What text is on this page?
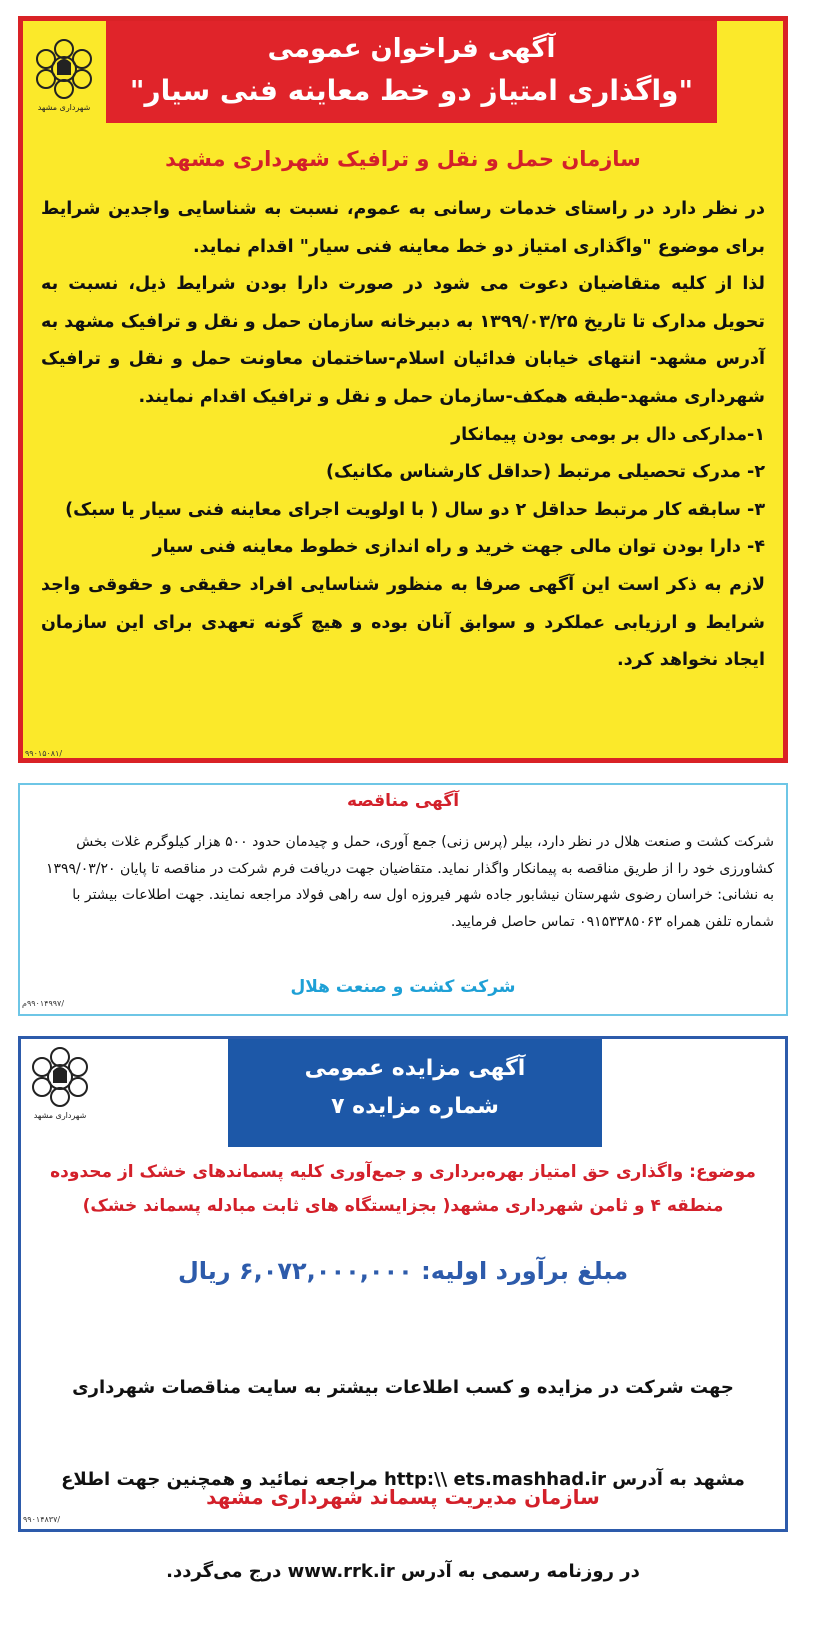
آگهی فراخوان عمومی
"واگذاری امتیاز دو خط معاینه فنی سیار"
شهرداری مشهد
سازمان حمل و نقل و ترافیک شهرداری مشهد
در نظر دارد در راستای خدمات رسانی به عموم، نسبت به شناسایی واجدین شرایط برای موضوع "واگذاری امتیاز دو خط معاینه فنی سیار" اقدام نماید.
لذا از کلیه متقاضیان دعوت می شود در صورت دارا بودن شرایط ذیل، نسبت به تحویل مدارک تا تاریخ ۱۳۹۹/۰۳/۲۵ به دبیرخانه سازمان حمل و نقل و ترافیک مشهد به آدرس مشهد- انتهای خیابان فدائیان اسلام-ساختمان معاونت حمل و نقل و ترافیک شهرداری مشهد-طبقه همکف-سازمان حمل و نقل و ترافیک اقدام نمایند.
۱-مدارکی دال بر بومی بودن پیمانکار
۲- مدرک تحصیلی مرتبط (حداقل کارشناس مکانیک)
۳- سابقه کار مرتبط حداقل ۲ دو سال ( با اولویت اجرای معاینه فنی سیار یا سبک)
۴- دارا بودن توان مالی جهت خرید و راه اندازی خطوط معاینه فنی سیار
لازم به ذکر است این آگهی صرفا به منظور شناسایی افراد حقیقی و حقوقی واجد شرایط و ارزیابی عملکرد و سوابق آنان بوده و هیچ گونه تعهدی برای این سازمان ایجاد نخواهد کرد.
/۹۹۰۱۵۰۸۱
آگهی مناقصه
شرکت کشت و صنعت هلال در نظر دارد، بیلر (پرس زنی) جمع آوری، حمل و چیدمان حدود ۵۰۰ هزار کیلوگرم غلات بخش کشاورزی خود را از طریق مناقصه به پیمانکار واگذار نماید. متقاضیان جهت دریافت فرم شرکت در مناقصه تا پایان ۱۳۹۹/۰۳/۲۰ به نشانی: خراسان رضوی شهرستان نیشابور جاده شهر فیروزه اول سه راهی فولاد مراجعه نمایند. جهت اطلاعات بیشتر با شماره تلفن همراه ۰۹۱۵۳۳۸۵۰۶۳ تماس حاصل فرمایید.
شرکت کشت و صنعت هلال
/۹۹۰۱۴۹۹۷م
شهرداری مشهد
آگهی مزایده عمومی
شماره مزایده ۷
موضوع: واگذاری حق امتیاز بهره‌برداری و جمع‌آوری کلیه پسماندهای خشک از محدوده
منطقه ۴ و ثامن شهرداری مشهد( بجزایستگاه های ثابت مبادله پسماند خشک)
مبلغ برآورد اولیه: ۶,۰۷۲,۰۰۰,۰۰۰ ریال

جهت شرکت در مزایده و کسب اطلاعات بیشتر به سایت مناقصات شهرداری

مشهد به آدرس http:\\ ets.mashhad.ir مراجعه نمائید و همچنین جهت اطلاع

در روزنامه رسمی به آدرس www.rrk.ir درج می‌گردد.

سازمان مدیریت پسماند شهرداری مشهد
/۹۹۰۱۴۸۳۷
